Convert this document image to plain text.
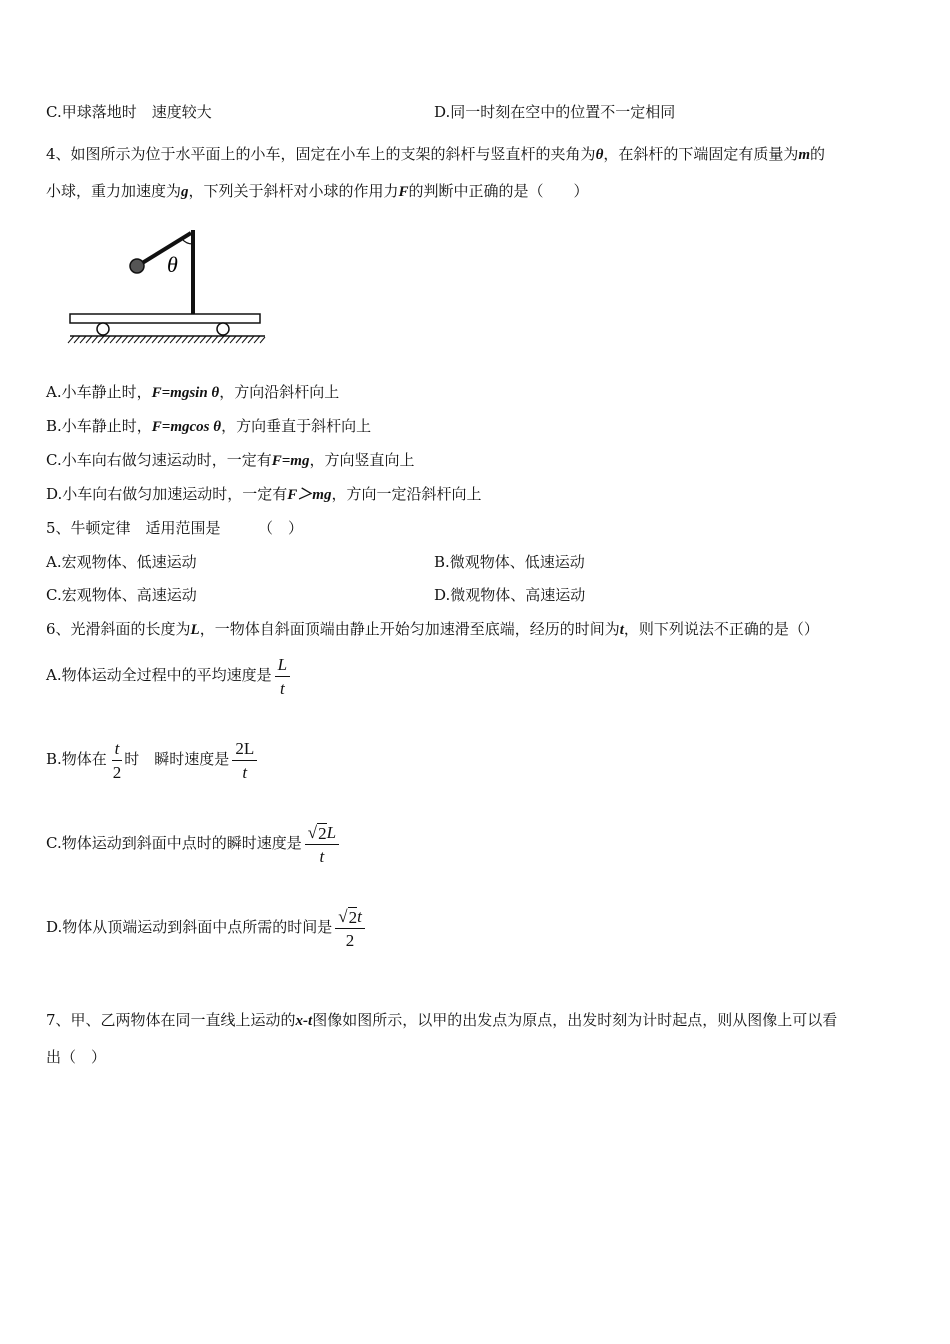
C.甲球落地时　速度较大	D.同一时刻在空中的位置不一定相同
4、如图所示为位于水平面上的小车，固定在小车上的支架的斜杆与竖直杆的夹角为θ，在斜杆的下端固定有质量为m的
小球，重力加速度为g，下列关于斜杆对小球的作用力F的判断中正确的是（　　）
θ
A.小车静止时，F=mgsin θ，方向沿斜杆向上
B.小车静止时，F=mgcos θ，方向垂直于斜杆向上
C.小车向右做匀速运动时，一定有F=mg，方向竖直向上
D.小车向右做匀加速运动时，一定有F＞mg，方向一定沿斜杆向上
5、牛顿定律　适用范围是　　　（　）
A.宏观物体、低速运动	B.微观物体、低速运动
C.宏观物体、高速运动	D.微观物体、高速运动
6、光滑斜面的长度为L，一物体自斜面顶端由静止开始匀加速滑至底端，经历的时间为t，则下列说法不正确的是（）
A.物体运动全过程中的平均速度是 $\frac{L}{t}$
B.物体在 $\frac{t}{2}$ 时　瞬时速度是 $\frac{2L}{t}$
C.物体运动到斜面中点时的瞬时速度是 $\frac{√ 2 L}{t}$
D.物体从顶端运动到斜面中点所需的时间是 $\frac{√ 2 t}{2}$
7、甲、乙两物体在同一直线上运动的x-t图像如图所示，以甲的出发点为原点，出发时刻为计时起点，则从图像上可以看
出（　）
